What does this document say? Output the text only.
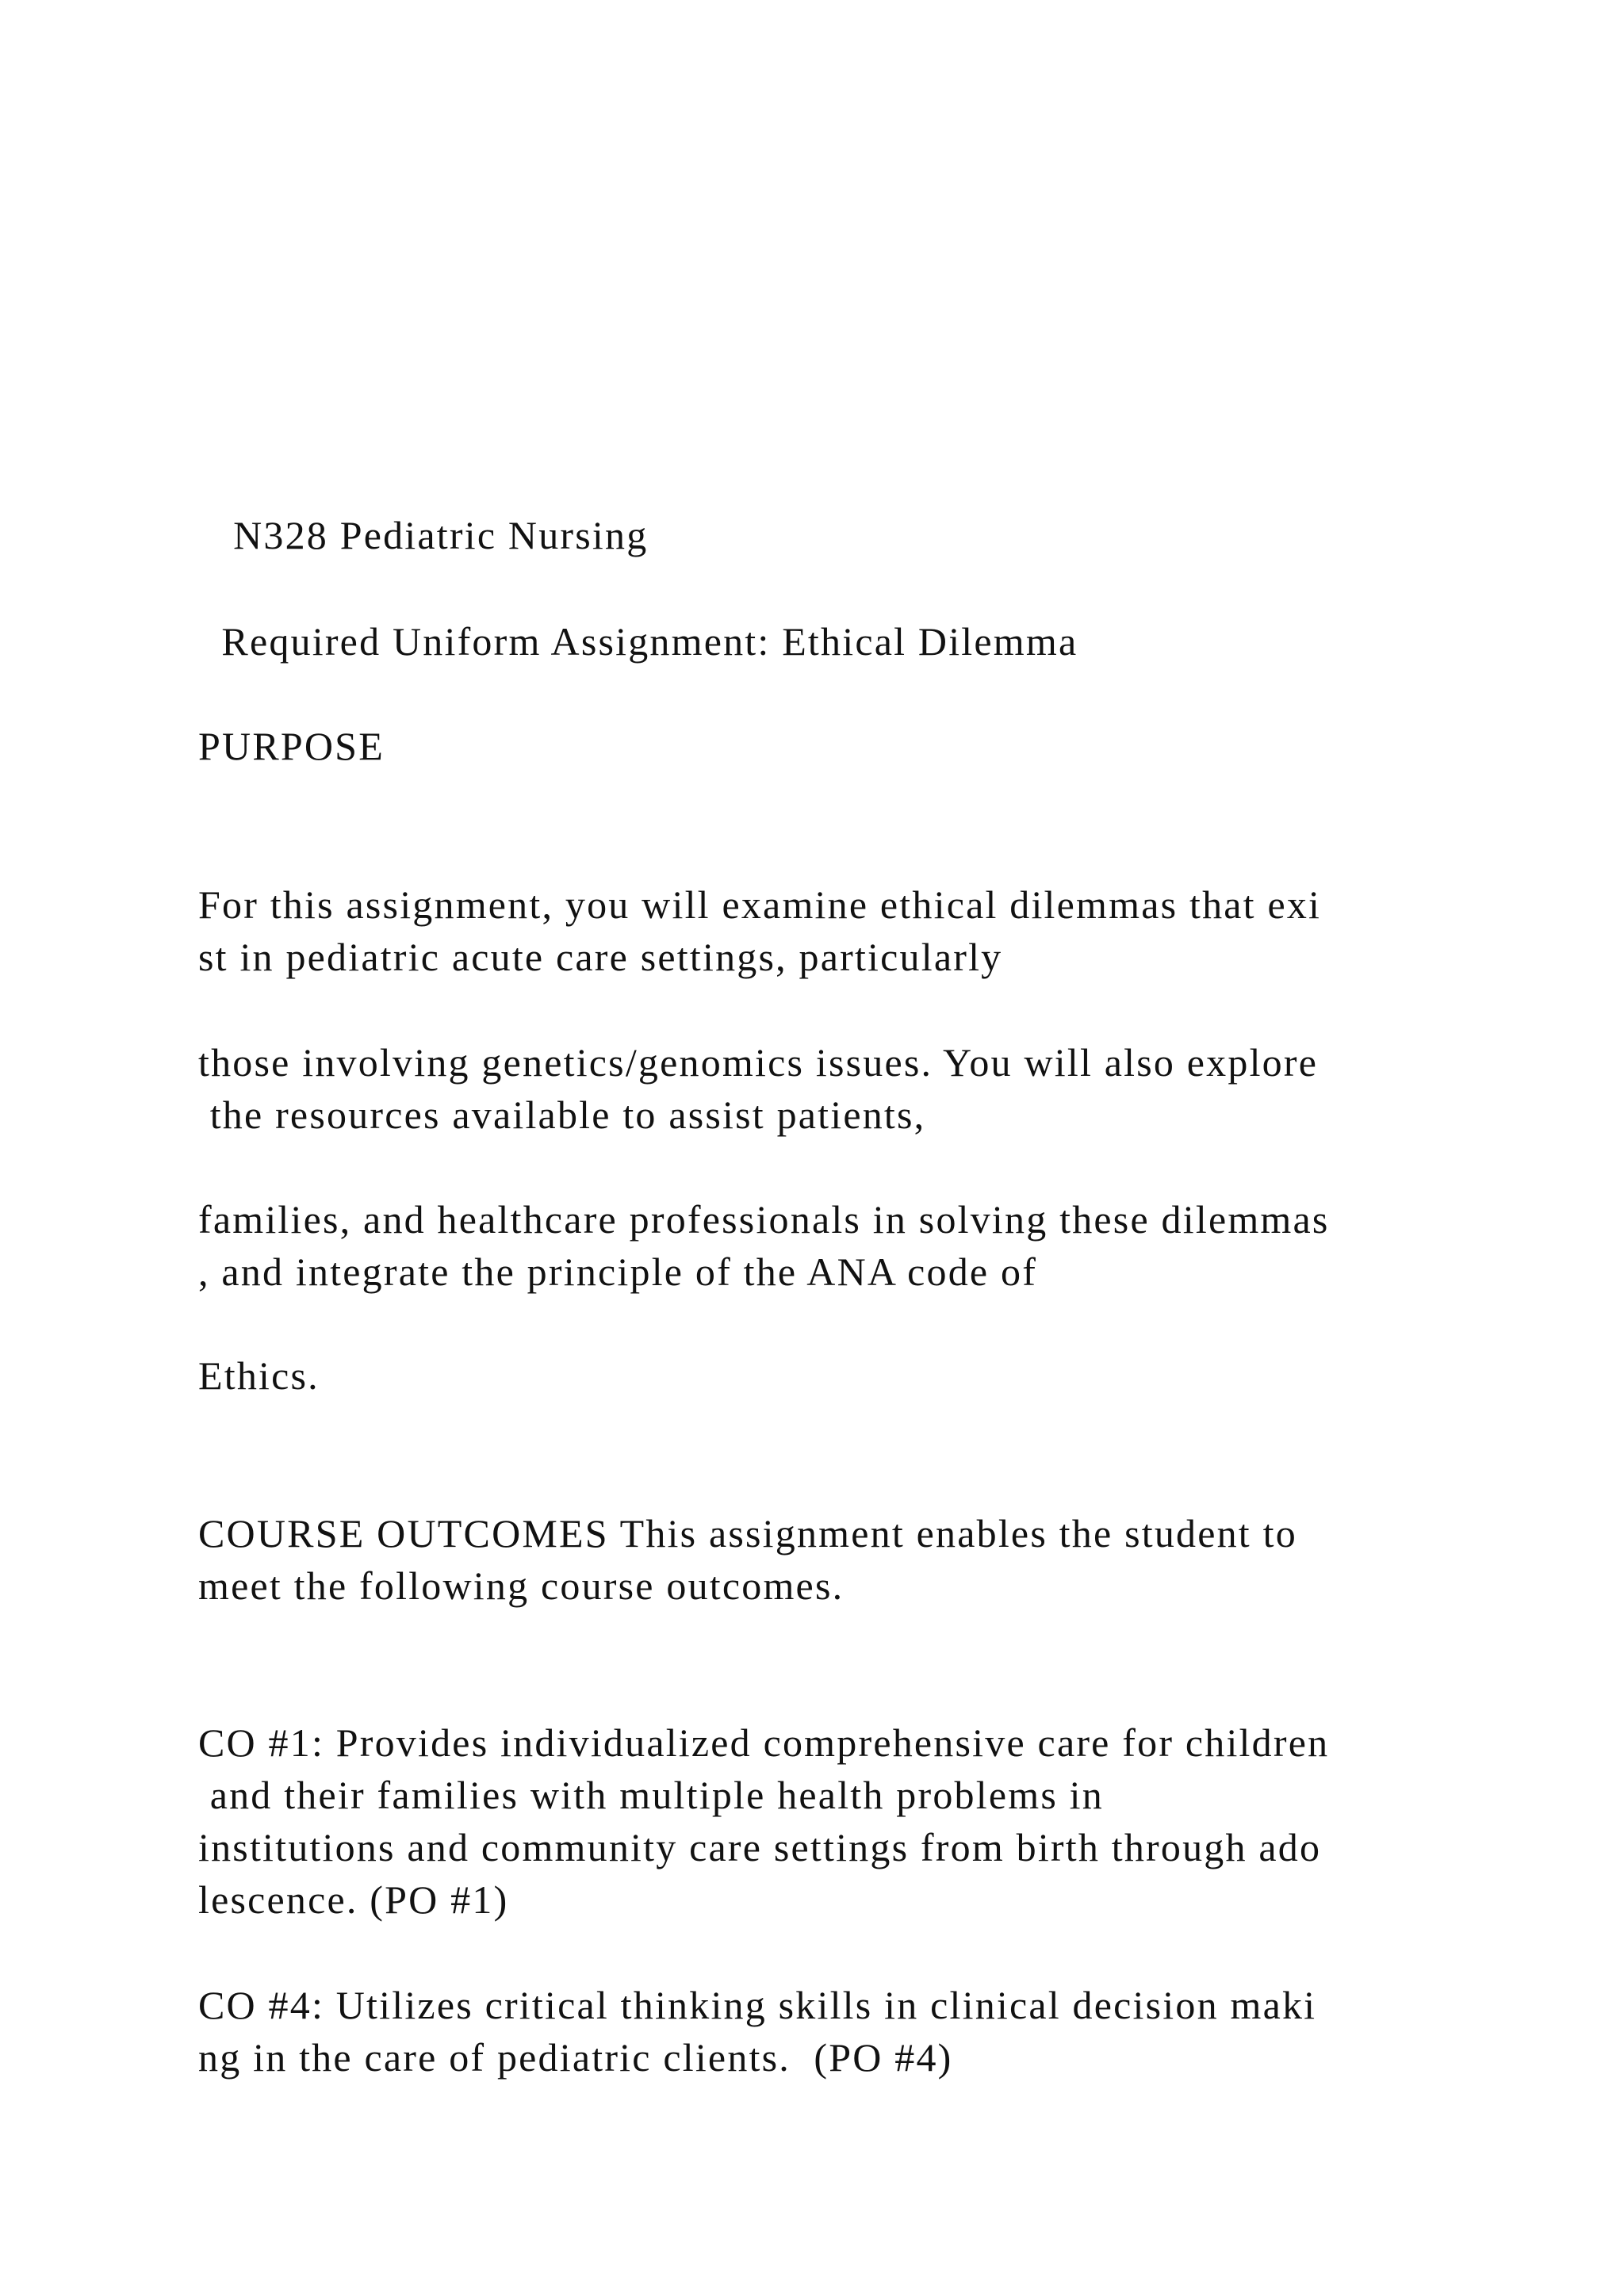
N328 Pediatric Nursing

Required Uniform Assignment: Ethical Dilemma

PURPOSE

For this assignment, you will examine ethical dilemmas that exi

st in pediatric acute care settings, particularly

those involving genetics/genomics issues. You will also explore

the resources available to assist patients,

families, and healthcare professionals in solving these dilemmas

, and integrate the principle of the ANA code of

Ethics.

COURSE OUTCOMES This assignment enables the student to

meet the following course outcomes.

CO #1: Provides individualized comprehensive care for children

and their families with multiple health problems in

institutions and community care settings from birth through ado

lescence. (PO #1)

CO #4: Utilizes critical thinking skills in clinical decision maki

ng in the care of pediatric clients.  (PO #4)
